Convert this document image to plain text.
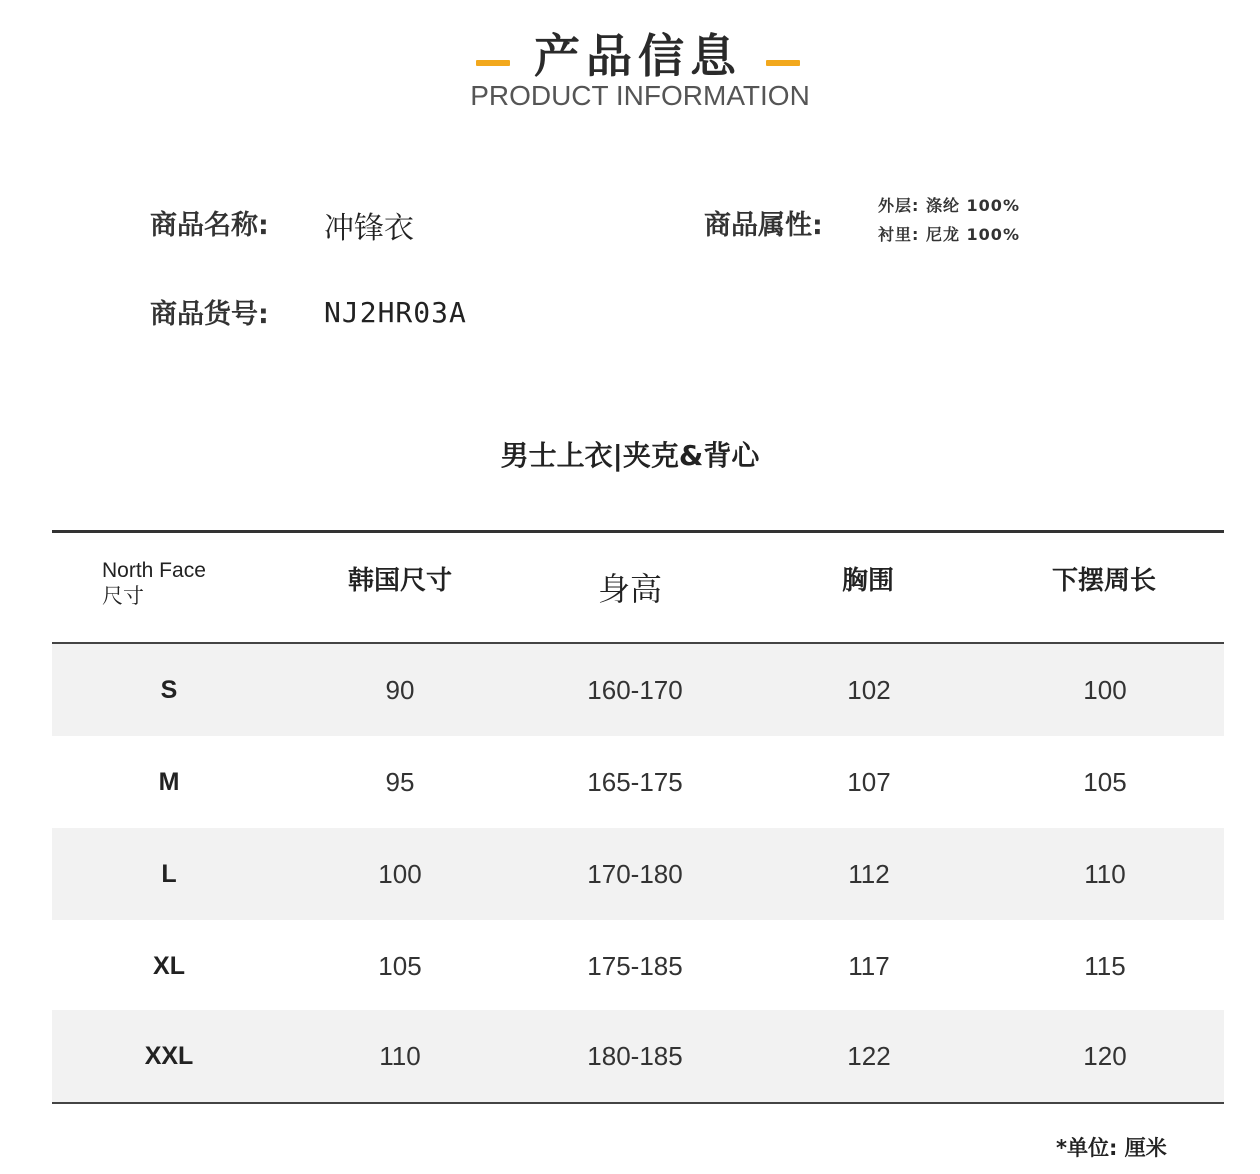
产品信息
PRODUCT INFORMATION
商品名称: 冲锋衣
商品货号: NJ2HR03A
商品属性:
外层: 涤纶 100%
衬里: 尼龙 100%
男士上衣|夹克&背心
North Face
尺寸
韩国尺寸	身高	胸围	下摆周长
S	90	160-170	102	100
M	95	165-175	107	105
L	100	170-180	112	110
XL	105	175-185	117	115
XXL	110	180-185	122	120
*单位: 厘米
